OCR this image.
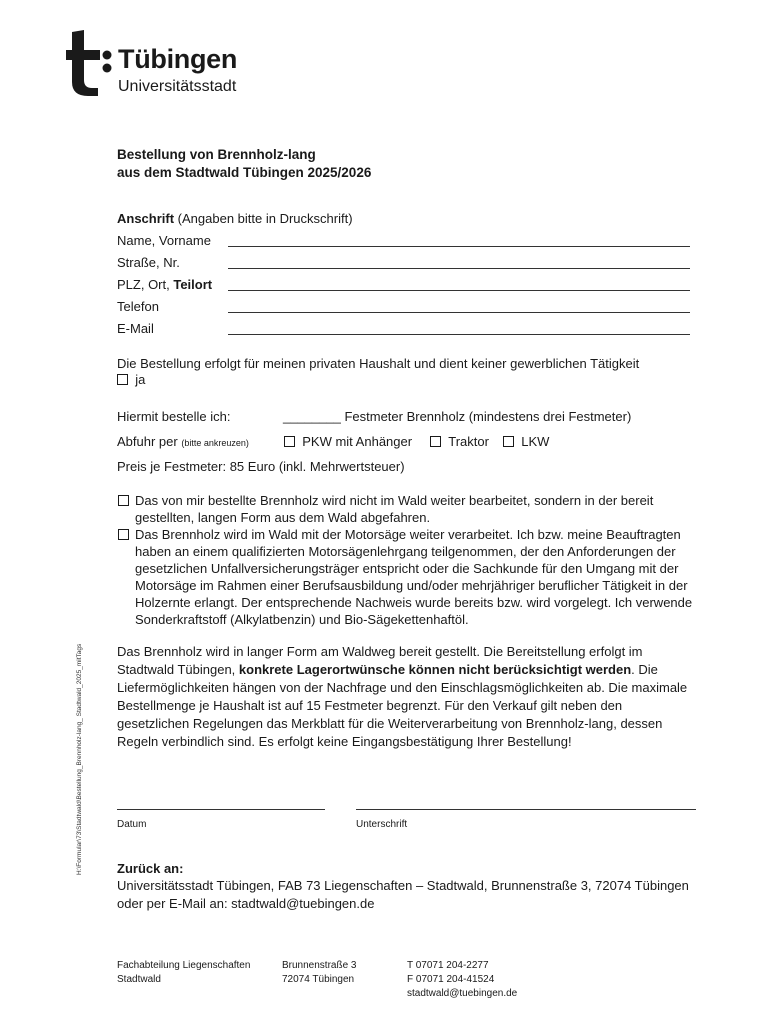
Tübingen
Universitätsstadt
Bestellung von Brennholz-lang
aus dem Stadtwald Tübingen 2025/2026
Anschrift (Angaben bitte in Druckschrift)
Name, Vorname
Straße, Nr.
PLZ, Ort, Teilort
Telefon
E-Mail
Die Bestellung erfolgt für meinen privaten Haushalt und dient keiner gewerblichen Tätigkeit
ja
Hiermit bestelle ich:	________ Festmeter Brennholz (mindestens drei Festmeter)
Abfuhr per (bitte ankreuzen)	PKW mit Anhänger	Traktor	LKW
Preis je Festmeter: 85 Euro (inkl. Mehrwertsteuer)
Das von mir bestellte Brennholz wird nicht im Wald weiter bearbeitet, sondern in der bereit gestellten, langen Form aus dem Wald abgefahren.
Das Brennholz wird im Wald mit der Motorsäge weiter verarbeitet. Ich bzw. meine Beauftragten haben an einem qualifizierten Motorsägenlehrgang teilgenommen, der den Anforderungen der gesetzlichen Unfallversicherungsträger entspricht oder die Sachkunde für den Umgang mit der Motorsäge im Rahmen einer Berufsausbildung und/oder mehrjähriger beruflicher Tätigkeit in der Holzernte erlangt. Der entsprechende Nachweis wurde bereits bzw. wird vorgelegt. Ich verwende Sonderkraftstoff (Alkylatbenzin) und Bio-Sägekettenhaftöl.
Das Brennholz wird in langer Form am Waldweg bereit gestellt. Die Bereitstellung erfolgt im Stadtwald Tübingen, konkrete Lagerortwünsche können nicht berücksichtigt werden. Die Liefermöglichkeiten hängen von der Nachfrage und den Einschlagsmöglichkeiten ab. Die maximale Bestellmenge je Haushalt ist auf 15 Festmeter begrenzt. Für den Verkauf gilt neben den gesetzlichen Regelungen das Merkblatt für die Weiterverarbeitung von Brennholz-lang, dessen Regeln verbindlich sind. Es erfolgt keine Eingangsbestätigung Ihrer Bestellung!
Datum	Unterschrift
Zurück an:
Universitätsstadt Tübingen, FAB 73 Liegenschaften – Stadtwald, Brunnenstraße 3, 72074 Tübingen
oder per E-Mail an: stadtwald@tuebingen.de
H:\Formular\73\Stadtwald\Bestellung_Brennholz-lang_ Stadtwald_2025_mitTags
Fachabteilung Liegenschaften
Stadtwald
Brunnenstraße 3
72074 Tübingen
T 07071 204-2277
F 07071 204-41524
stadtwald@tuebingen.de
